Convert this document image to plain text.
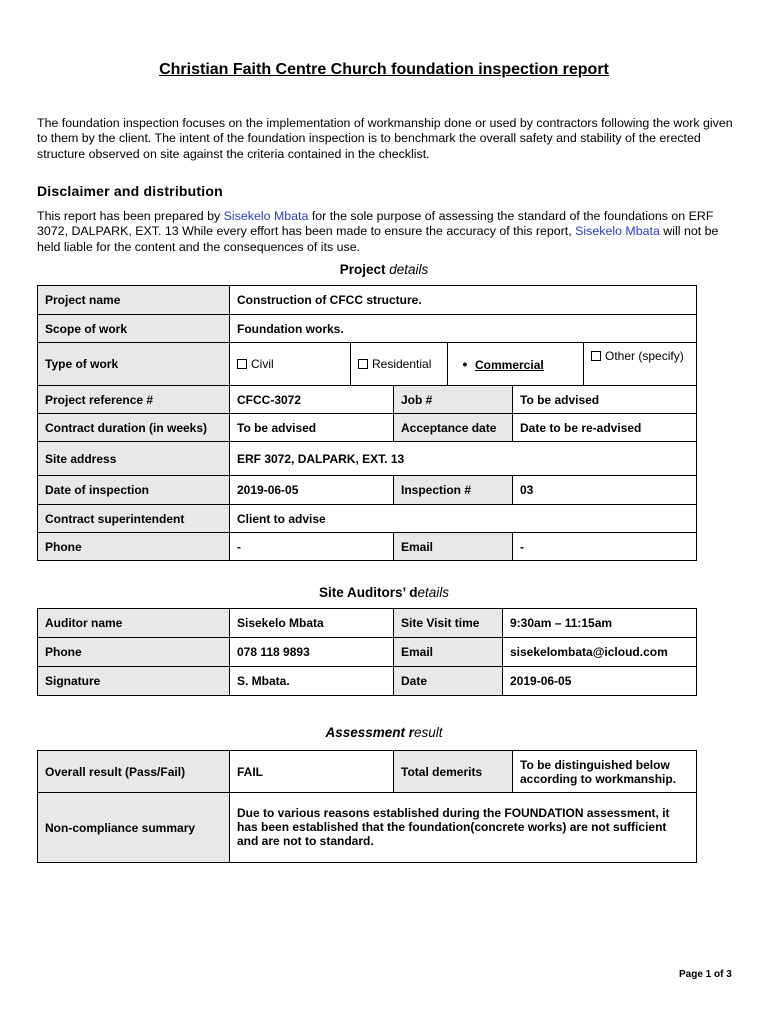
Christian Faith Centre Church foundation inspection report
The foundation inspection focuses on the implementation of workmanship done or used by contractors following the work given to them by the client. The intent of the foundation inspection is to benchmark the overall safety and stability of the erected structure observed on site against the criteria contained in the checklist.
Disclaimer and distribution
This report has been prepared by Sisekelo Mbata for the sole purpose of assessing the standard of the foundations on ERF 3072, DALPARK, EXT. 13 While every effort has been made to ensure the accuracy of this report, Sisekelo Mbata will not be held liable for the content and the consequences of its use.
Project details
Project name	Construction of CFCC structure.					
Scope of work	Foundation works.					
Type of work	Civil	Residential		• Commercial		Other (specify)
Project reference #	CFCC-3072		Job #		To be advised	
Contract duration (in weeks)	To be advised		Acceptance date		Date to be re-advised	
Site address	ERF 3072, DALPARK, EXT. 13					
Date of inspection	2019-06-05		Inspection #		03	
Contract superintendent	Client to advise					
Phone	-		Email		-	
Site Auditors’ details
Auditor name	Sisekelo Mbata	Site Visit time	9:30am – 11:15am
Phone	078 118 9893	Email	sisekelombata@icloud.com
Signature	S. Mbata.	Date	2019-06-05
Assessment result
Overall result (Pass/Fail)	FAIL	Total demerits	To be distinguished below according to workmanship.
Non-compliance summary	Due to various reasons established during the FOUNDATION assessment, it has been established that the foundation(concrete works) are not sufficient and are not to standard.		
Page 1 of 3
